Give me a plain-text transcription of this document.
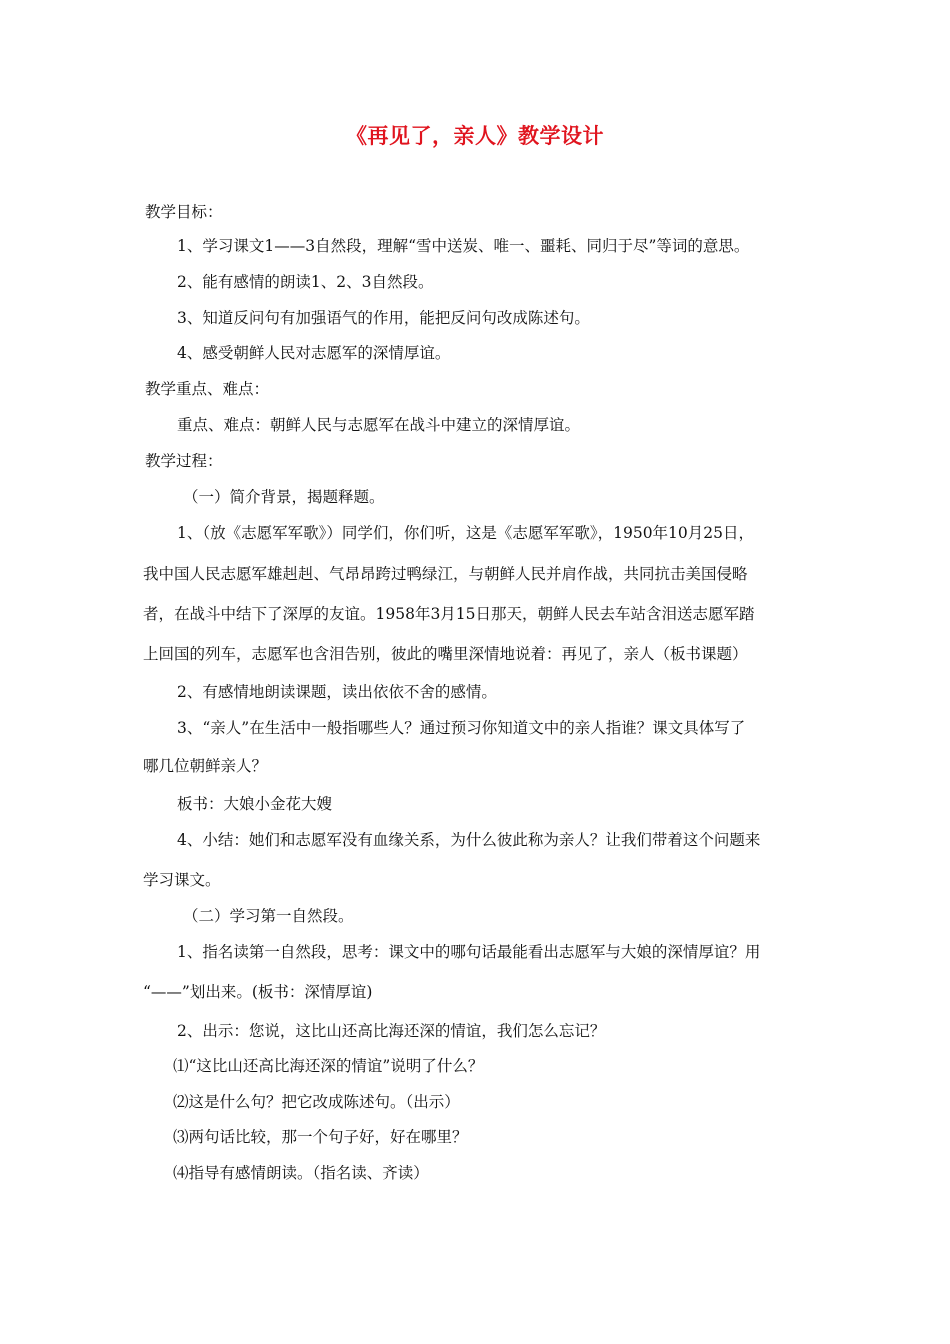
《再见了，亲人》教学设计
教学目标：
1、学习课文1——3自然段，理解“雪中送炭、唯一、噩耗、同归于尽”等词的意思。
2、能有感情的朗读1、2、3自然段。
3、知道反问句有加强语气的作用，能把反问句改成陈述句。
4、感受朝鲜人民对志愿军的深情厚谊。
教学重点、难点：
重点、难点：朝鲜人民与志愿军在战斗中建立的深情厚谊。
教学过程：
（一）简介背景，揭题释题。
1、（放《志愿军军歌》）同学们，你们听，这是《志愿军军歌》，1950年10月25日，
我中国人民志愿军雄赳赳、气昂昂跨过鸭绿江，与朝鲜人民并肩作战，共同抗击美国侵略
者，在战斗中结下了深厚的友谊。1958年3月15日那天，朝鲜人民去车站含泪送志愿军踏
上回国的列车，志愿军也含泪告别，彼此的嘴里深情地说着：再见了，亲人（板书课题）
2、有感情地朗读课题，读出依依不舍的感情。
3、“亲人”在生活中一般指哪些人？通过预习你知道文中的亲人指谁？课文具体写了
哪几位朝鲜亲人？
板书：大娘小金花大嫂
4、小结：她们和志愿军没有血缘关系，为什么彼此称为亲人？让我们带着这个问题来
学习课文。
（二）学习第一自然段。
1、指名读第一自然段，思考：课文中的哪句话最能看出志愿军与大娘的深情厚谊？用
“——”划出来。(板书：深情厚谊)
2、出示：您说，这比山还高比海还深的情谊，我们怎么忘记？
⑴“这比山还高比海还深的情谊”说明了什么？
⑵这是什么句？把它改成陈述句。（出示）
⑶两句话比较，那一个句子好，好在哪里？
⑷指导有感情朗读。（指名读、齐读）
